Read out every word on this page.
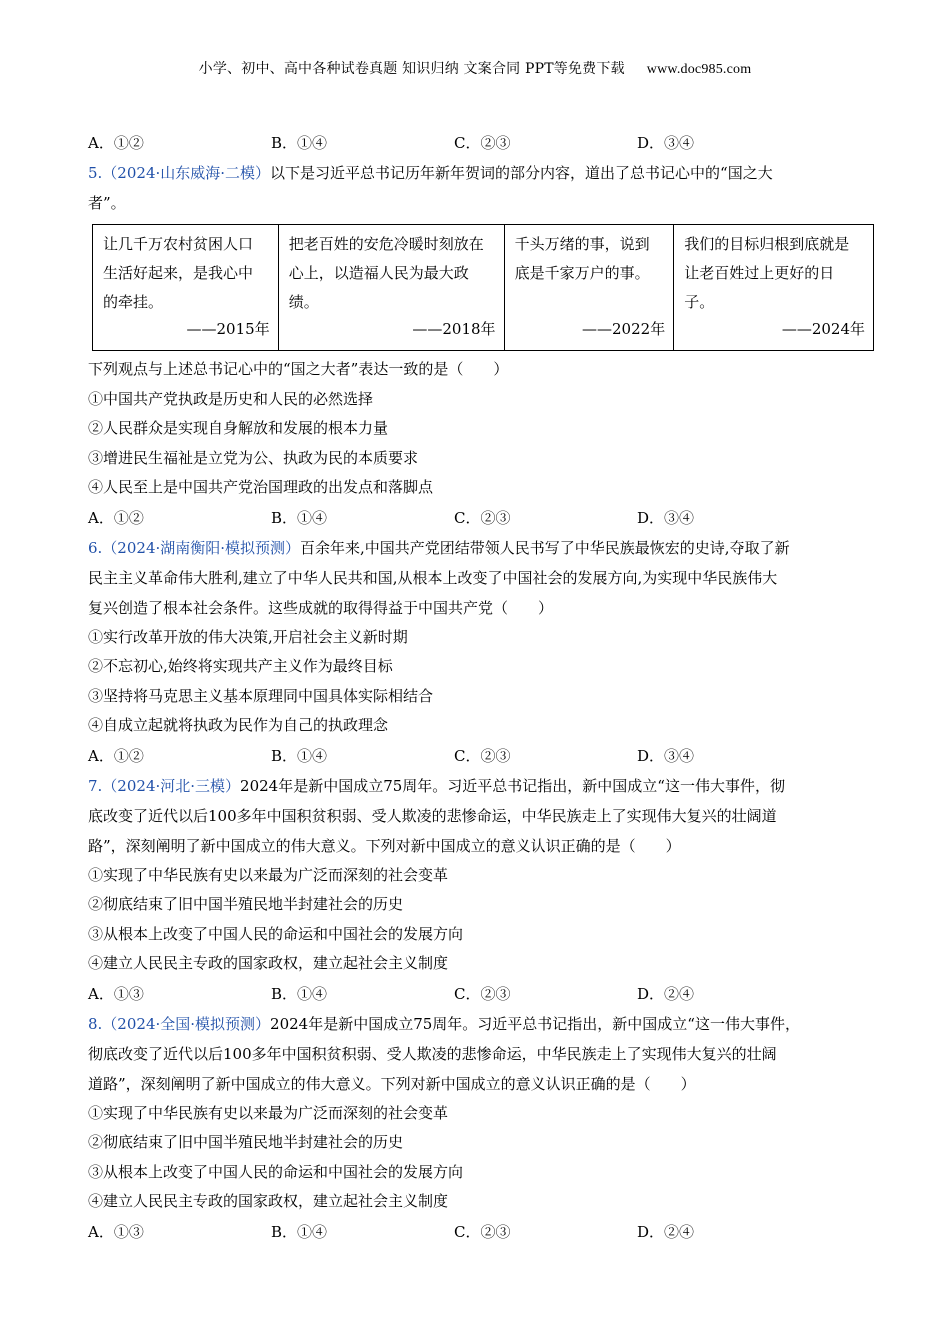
小学、初中、高中各种试卷真题 知识归纳 文案合同 PPT等免费下载 www.doc985.com
A．①②	B．①④	C．②③	D．③④
5.（2024·山东威海·二模）以下是习近平总书记历年新年贺词的部分内容，道出了总书记心中的“国之大
者”。
让几千万农村贫困人口生活好起来，是我心中的牵挂。
——2015年

把老百姓的安危冷暖时刻放在心上，以造福人民为最大政绩。
——2018年

千头万绪的事，说到底是千家万户的事。
——2022年

我们的目标归根到底就是让老百姓过上更好的日子。
——2024年
下列观点与上述总书记心中的“国之大者”表达一致的是（　　）
①中国共产党执政是历史和人民的必然选择
②人民群众是实现自身解放和发展的根本力量
③增进民生福祉是立党为公、执政为民的本质要求
④人民至上是中国共产党治国理政的出发点和落脚点
A．①②	B．①④	C．②③	D．③④
6.（2024·湖南衡阳·模拟预测）百余年来,中国共产党团结带领人民书写了中华民族最恢宏的史诗,夺取了新
民主主义革命伟大胜利,建立了中华人民共和国,从根本上改变了中国社会的发展方向,为实现中华民族伟大
复兴创造了根本社会条件。这些成就的取得得益于中国共产党（　　）
①实行改革开放的伟大决策,开启社会主义新时期
②不忘初心,始终将实现共产主义作为最终目标
③坚持将马克思主义基本原理同中国具体实际相结合
④自成立起就将执政为民作为自己的执政理念
A．①②	B．①④	C．②③	D．③④
7.（2024·河北·三模）2024年是新中国成立75周年。习近平总书记指出，新中国成立“这一伟大事件，彻
底改变了近代以后100多年中国积贫积弱、受人欺凌的悲惨命运，中华民族走上了实现伟大复兴的壮阔道
路”，深刻阐明了新中国成立的伟大意义。下列对新中国成立的意义认识正确的是（　　）
①实现了中华民族有史以来最为广泛而深刻的社会变革
②彻底结束了旧中国半殖民地半封建社会的历史
③从根本上改变了中国人民的命运和中国社会的发展方向
④建立人民民主专政的国家政权，建立起社会主义制度
A．①③	B．①④	C．②③	D．②④
8.（2024·全国·模拟预测）2024年是新中国成立75周年。习近平总书记指出，新中国成立“这一伟大事件，
彻底改变了近代以后100多年中国积贫积弱、受人欺凌的悲惨命运，中华民族走上了实现伟大复兴的壮阔
道路”，深刻阐明了新中国成立的伟大意义。下列对新中国成立的意义认识正确的是（　　）
①实现了中华民族有史以来最为广泛而深刻的社会变革
②彻底结束了旧中国半殖民地半封建社会的历史
③从根本上改变了中国人民的命运和中国社会的发展方向
④建立人民民主专政的国家政权，建立起社会主义制度
A．①③	B．①④	C．②③	D．②④
